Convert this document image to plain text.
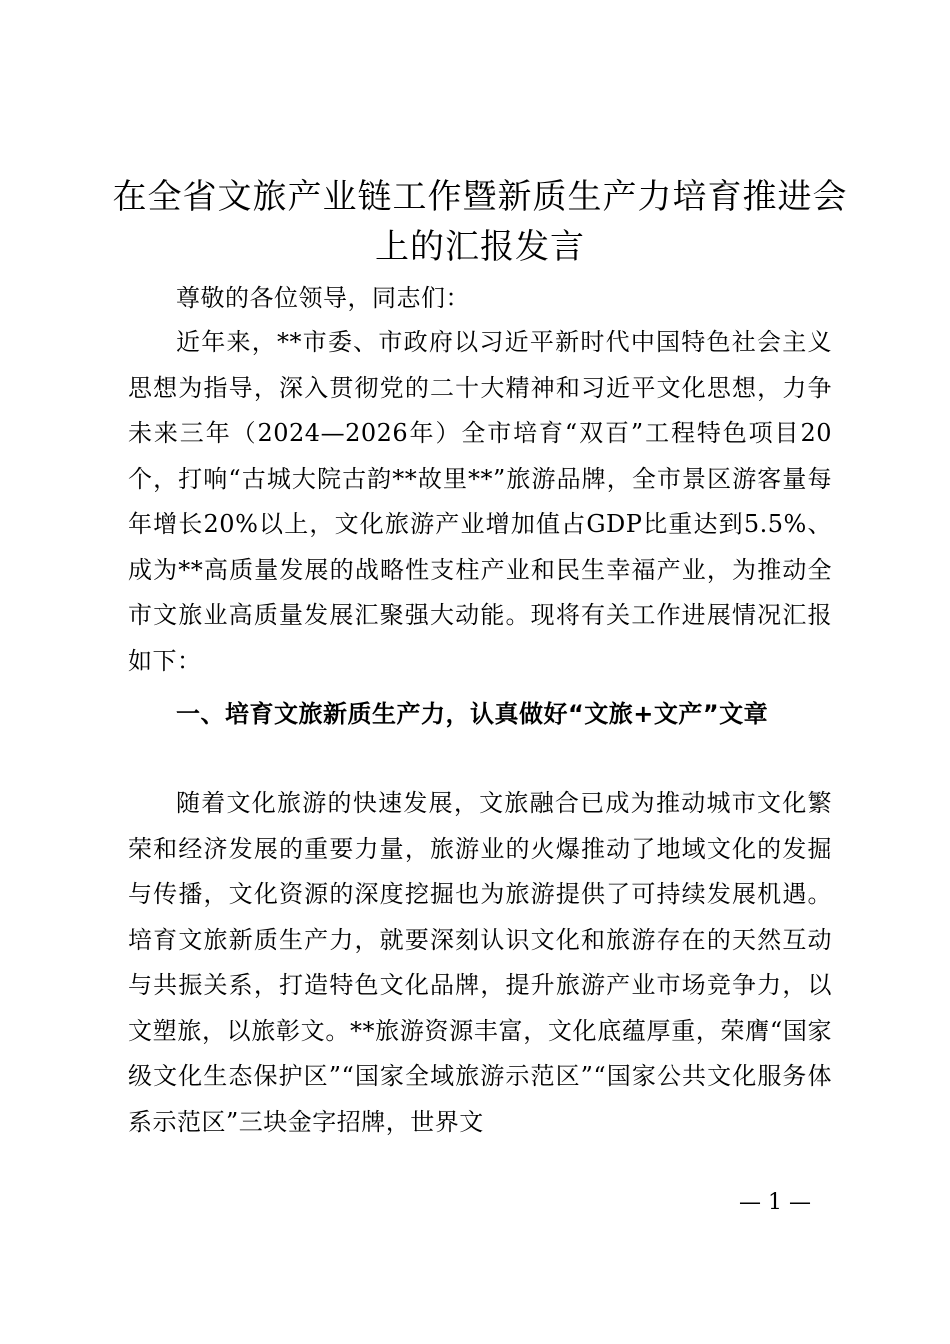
在全省文旅产业链工作暨新质生产力培育推进会上的汇报发言

尊敬的各位领导，同志们：

近年来，**市委、市政府以习近平新时代中国特色社会主义思想为指导，深入贯彻党的二十大精神和习近平文化思想，力争未来三年（2024—2026年）全市培育“双百”工程特色项目20个，打响“古城大院古韵**故里**”旅游品牌，全市景区游客量每年增长20%以上，文化旅游产业增加值占GDP比重达到5.5%、成为**高质量发展的战略性支柱产业和民生幸福产业，为推动全市文旅业高质量发展汇聚强大动能。现将有关工作进展情况汇报如下：

一、培育文旅新质生产力，认真做好“文旅+文产”文章

随着文化旅游的快速发展，文旅融合已成为推动城市文化繁荣和经济发展的重要力量，旅游业的火爆推动了地域文化的发掘与传播，文化资源的深度挖掘也为旅游提供了可持续发展机遇。培育文旅新质生产力，就要深刻认识文化和旅游存在的天然互动与共振关系，打造特色文化品牌，提升旅游产业市场竞争力，以文塑旅，以旅彰文。**旅游资源丰富，文化底蕴厚重，荣膺“国家级文化生态保护区”“国家全域旅游示范区”“国家公共文化服务体系示范区”三块金字招牌，世界文

— 1 —
